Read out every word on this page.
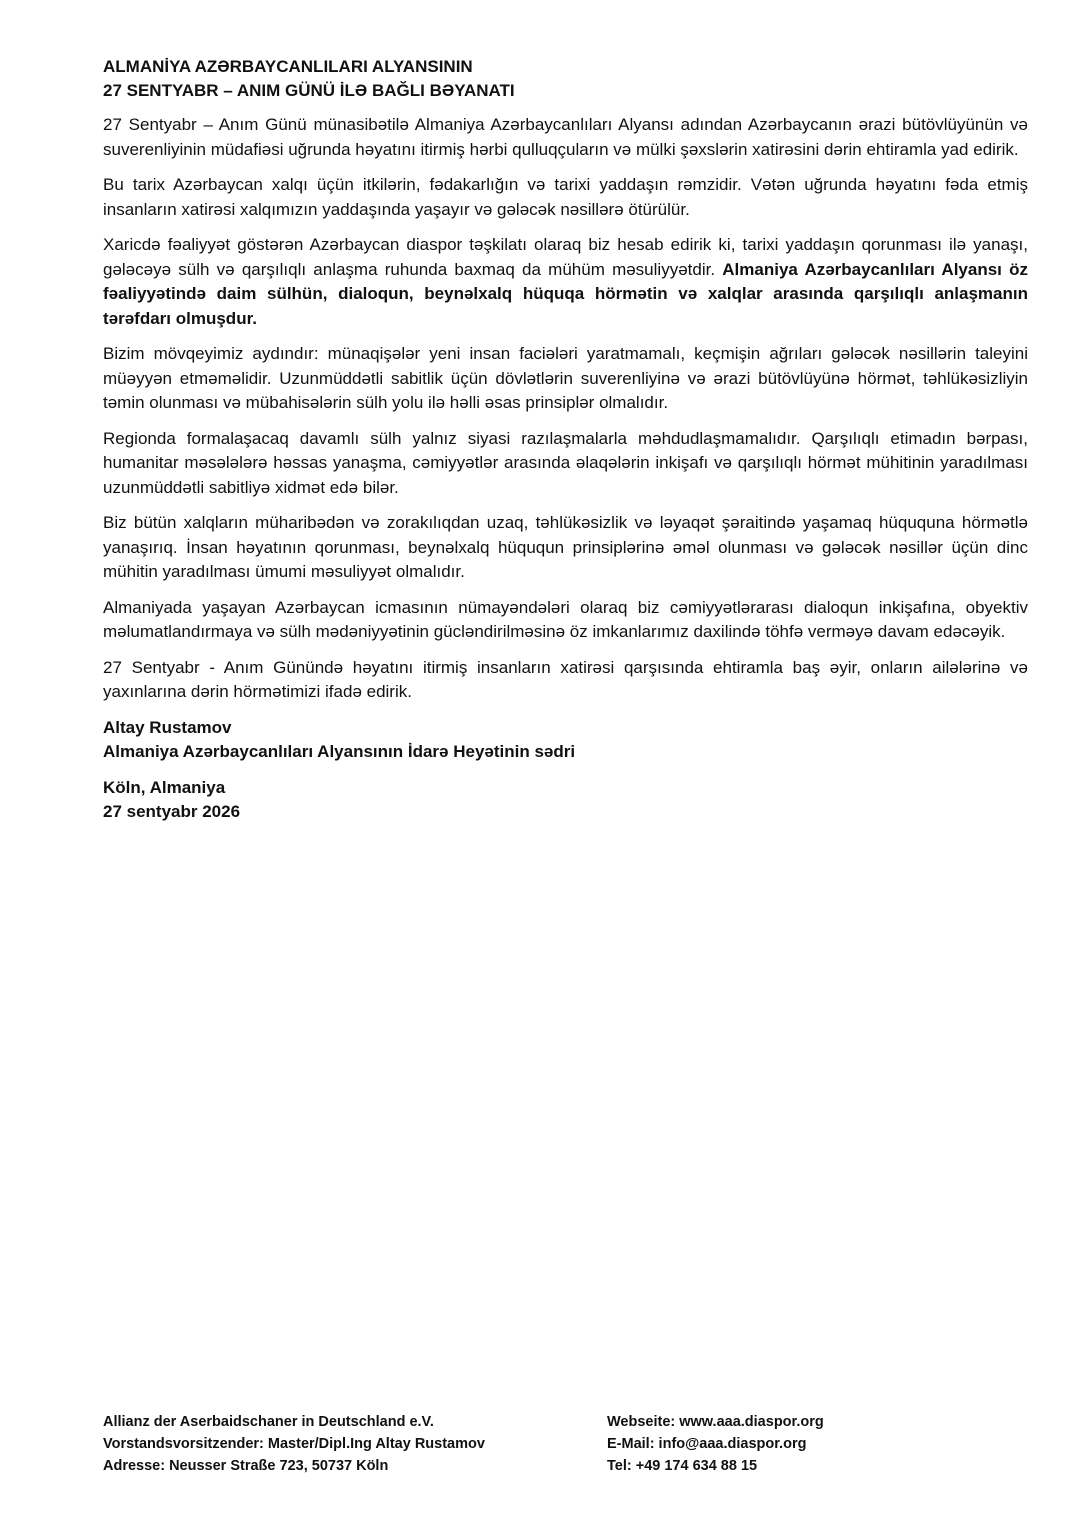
ALMANİYA AZƏRBAYCANLILARI ALYANSININ
27 SENTYABR – ANIM GÜNÜ İLƏ BAĞLI BƏYANATI

27 Sentyabr – Anım Günü münasibətilə Almaniya Azərbaycanlıları Alyansı adından Azərbaycanın ərazi bütövlüyünün və suverenliyinin müdafiəsi uğrunda həyatını itirmiş hərbi qulluqçuların və mülki şəxslərin xatirəsini dərin ehtiramla yad edirik.

Bu tarix Azərbaycan xalqı üçün itkilərin, fədakarlığın və tarixi yaddaşın rəmzidir. Vətən uğrunda həyatını fəda etmiş insanların xatirəsi xalqımızın yaddaşında yaşayır və gələcək nəsillərə ötürülür.

Xaricdə fəaliyyət göstərən Azərbaycan diaspor təşkilatı olaraq biz hesab edirik ki, tarixi yaddaşın qorunması ilə yanaşı, gələcəyə sülh və qarşılıqlı anlaşma ruhunda baxmaq da mühüm məsuliyyətdir. Almaniya Azərbaycanlıları Alyansı öz fəaliyyətində daim sülhün, dialoqun, beynəlxalq hüquqa hörmətin və xalqlar arasında qarşılıqlı anlaşmanın tərəfdarı olmuşdur.

Bizim mövqeyimiz aydındır: münaqişələr yeni insan faciələri yaratmamalı, keçmişin ağrıları gələcək nəsillərin taleyini müəyyən etməməlidir. Uzunmüddətli sabitlik üçün dövlətlərin suverenliyinə və ərazi bütövlüyünə hörmət, təhlükəsizliyin təmin olunması və mübahisələrin sülh yolu ilə həlli əsas prinsiplər olmalıdır.

Regionda formalaşacaq davamlı sülh yalnız siyasi razılaşmalarla məhdudlaşmamalıdır. Qarşılıqlı etimadın bərpası, humanitar məsələlərə həssas yanaşma, cəmiyyətlər arasında əlaqələrin inkişafı və qarşılıqlı hörmət mühitinin yaradılması uzunmüddətli sabitliyə xidmət edə bilər.

Biz bütün xalqların müharibədən və zorakılıqdan uzaq, təhlükəsizlik və ləyaqət şəraitində yaşamaq hüququna hörmətlə yanaşırıq. İnsan həyatının qorunması, beynəlxalq hüququn prinsiplərinə əməl olunması və gələcək nəsillər üçün dinc mühitin yaradılması ümumi məsuliyyət olmalıdır.

Almaniyada yaşayan Azərbaycan icmasının nümayəndələri olaraq biz cəmiyyətlərarası dialoqun inkişafına, obyektiv məlumatlandırmaya və sülh mədəniyyətinin gücləndirilməsinə öz imkanlarımız daxilində töhfə verməyə davam edəcəyik.

27 Sentyabr - Anım Günündə həyatını itirmiş insanların xatirəsi qarşısında ehtiramla baş əyir, onların ailələrinə və yaxınlarına dərin hörmətimizi ifadə edirik.

Altay Rustamov
Almaniya Azərbaycanlıları Alyansının İdarə Heyətinin sədri
Köln, Almaniya
27 sentyabr 2026
Allianz der Aserbaidschaner in Deutschland e.V.
Vorstandsvorsitzender: Master/Dipl.Ing Altay Rustamov
Adresse: Neusser Straße 723, 50737 Köln
Webseite: www.aaa.diaspor.org
E-Mail: info@aaa.diaspor.org
Tel: +49 174 634 88 15
